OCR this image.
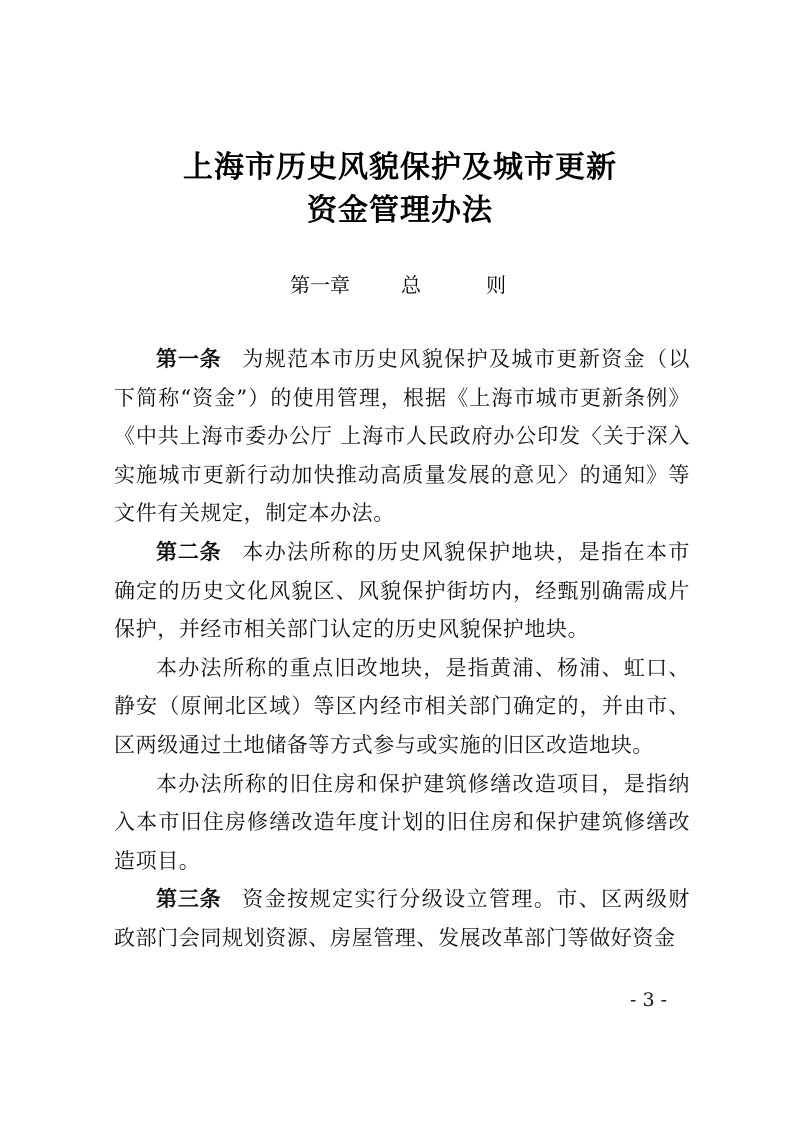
上海市历史风貌保护及城市更新
资金管理办法
第一章	总	则

第一条 为规范本市历史风貌保护及城市更新资金（以下简称“资金”）的使用管理，根据《上海市城市更新条例》《中共上海市委办公厅 上海市人民政府办公印发〈关于深入实施城市更新行动加快推动高质量发展的意见〉的通知》等文件有关规定，制定本办法。

第二条 本办法所称的历史风貌保护地块，是指在本市确定的历史文化风貌区、风貌保护街坊内，经甄别确需成片保护，并经市相关部门认定的历史风貌保护地块。

本办法所称的重点旧改地块，是指黄浦、杨浦、虹口、静安（原闸北区域）等区内经市相关部门确定的，并由市、区两级通过土地储备等方式参与或实施的旧区改造地块。

本办法所称的旧住房和保护建筑修缮改造项目，是指纳入本市旧住房修缮改造年度计划的旧住房和保护建筑修缮改造项目。

第三条 资金按规定实行分级设立管理。市、区两级财政部门会同规划资源、房屋管理、发展改革部门等做好资金

- 3 -
